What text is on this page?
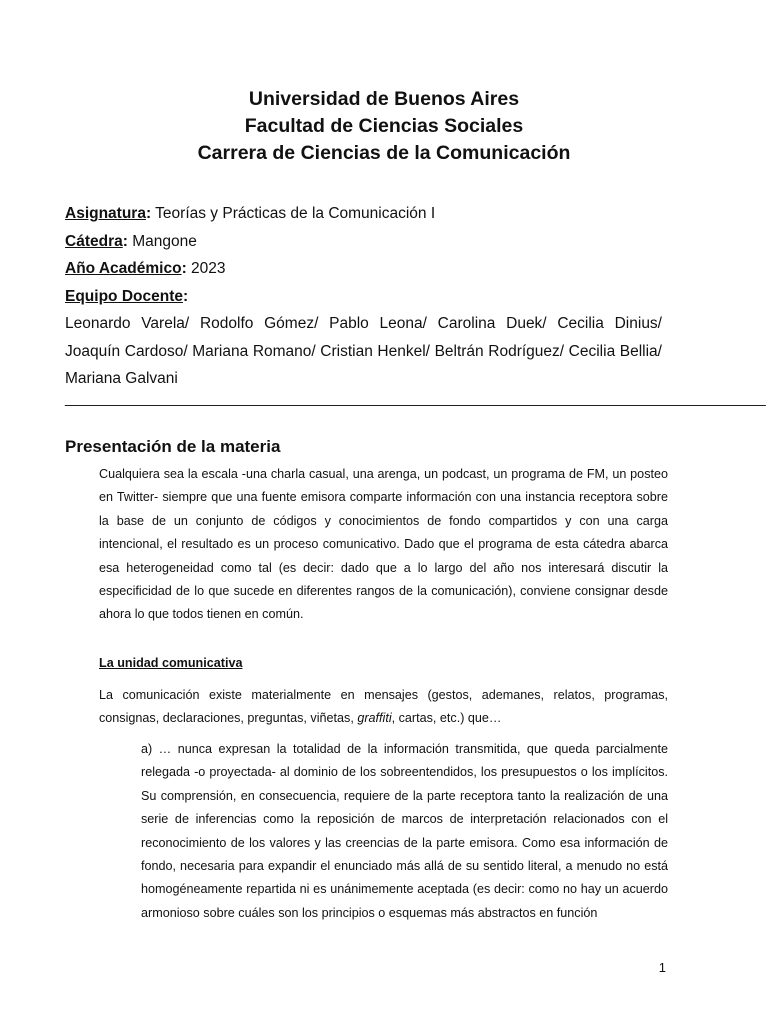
Universidad de Buenos Aires
Facultad de Ciencias Sociales
Carrera de Ciencias de la Comunicación
Asignatura: Teorías y Prácticas de la Comunicación I
Cátedra: Mangone
Año Académico: 2023
Equipo Docente:
Leonardo Varela/ Rodolfo Gómez/ Pablo Leona/ Carolina Duek/ Cecilia Dinius/ Joaquín Cardoso/ Mariana Romano/ Cristian Henkel/ Beltrán Rodríguez/ Cecilia Bellia/ Mariana Galvani
____________________________________________________________________________________
Presentación de la materia
Cualquiera sea la escala -una charla casual, una arenga, un podcast, un programa de FM, un posteo en Twitter- siempre que una fuente emisora comparte información con una instancia receptora sobre la base de un conjunto de códigos y conocimientos de fondo compartidos y con una carga intencional, el resultado es un proceso comunicativo. Dado que el programa de esta cátedra abarca esa heterogeneidad como tal (es decir: dado que a lo largo del año nos interesará discutir la especificidad de lo que sucede en diferentes rangos de la comunicación), conviene consignar desde ahora lo que todos tienen en común.
La unidad comunicativa
La comunicación existe materialmente en mensajes (gestos, ademanes, relatos, programas, consignas, declaraciones, preguntas, viñetas, graffiti, cartas, etc.) que…
a) … nunca expresan la totalidad de la información transmitida, que queda parcialmente relegada -o proyectada- al dominio de los sobreentendidos, los presupuestos o los implícitos. Su comprensión, en consecuencia, requiere de la parte receptora tanto la realización de una serie de inferencias como la reposición de marcos de interpretación relacionados con el reconocimiento de los valores y las creencias de la parte emisora. Como esa información de fondo, necesaria para expandir el enunciado más allá de su sentido literal, a menudo no está homogéneamente repartida ni es unánimemente aceptada (es decir: como no hay un acuerdo armonioso sobre cuáles son los principios o esquemas más abstractos en función
1
